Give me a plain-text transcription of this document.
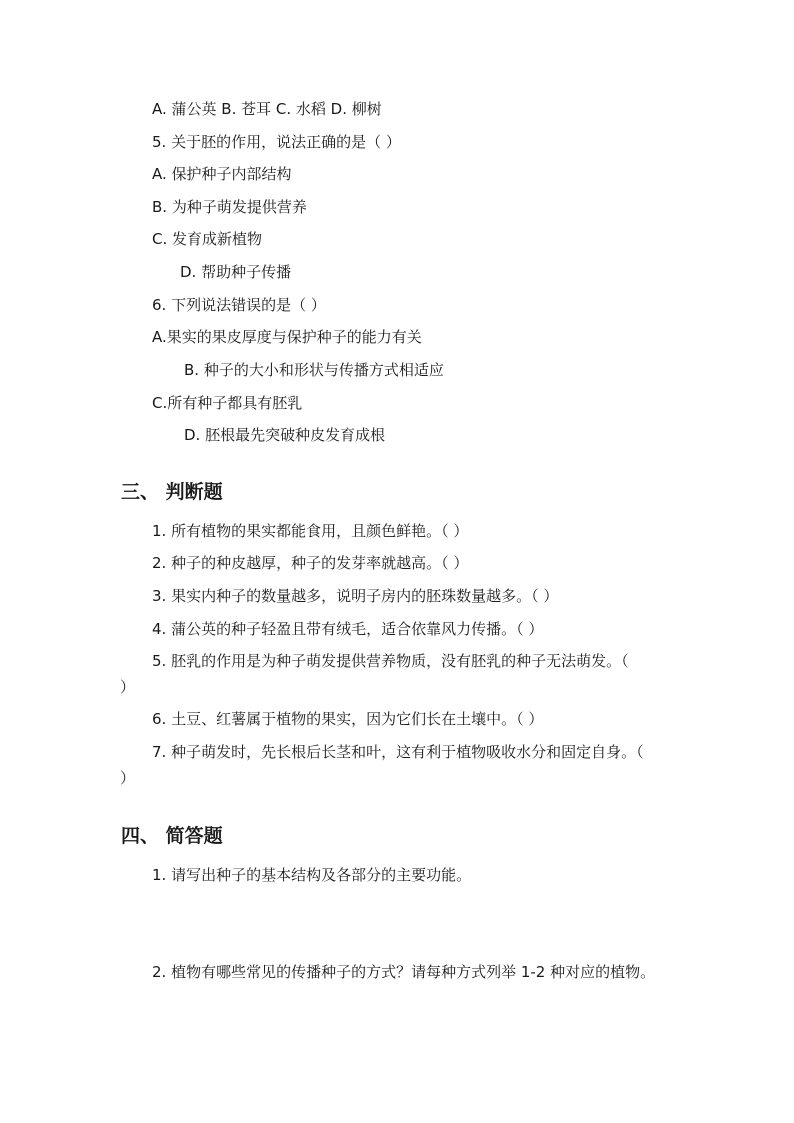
A. 蒲公英 B. 苍耳 C. 水稻 D. 柳树
5. 关于胚的作用，说法正确的是（ ）
A. 保护种子内部结构
B. 为种子萌发提供营养
C. 发育成新植物
D. 帮助种子传播
6. 下列说法错误的是（ ）
A.果实的果皮厚度与保护种子的能力有关
B. 种子的大小和形状与传播方式相适应
C.所有种子都具有胚乳
D. 胚根最先突破种皮发育成根
三、 判断题
1. 所有植物的果实都能食用，且颜色鲜艳。（ ）
2. 种子的种皮越厚，种子的发芽率就越高。（ ）
3. 果实内种子的数量越多，说明子房内的胚珠数量越多。（ ）
4. 蒲公英的种子轻盈且带有绒毛，适合依靠风力传播。（ ）
5. 胚乳的作用是为种子萌发提供营养物质，没有胚乳的种子无法萌发。（
）
6. 土豆、红薯属于植物的果实，因为它们长在土壤中。（ ）
7. 种子萌发时，先长根后长茎和叶，这有利于植物吸收水分和固定自身。（
）
四、 简答题
1. 请写出种子的基本结构及各部分的主要功能。
2. 植物有哪些常见的传播种子的方式？请每种方式列举 1-2 种对应的植物。
